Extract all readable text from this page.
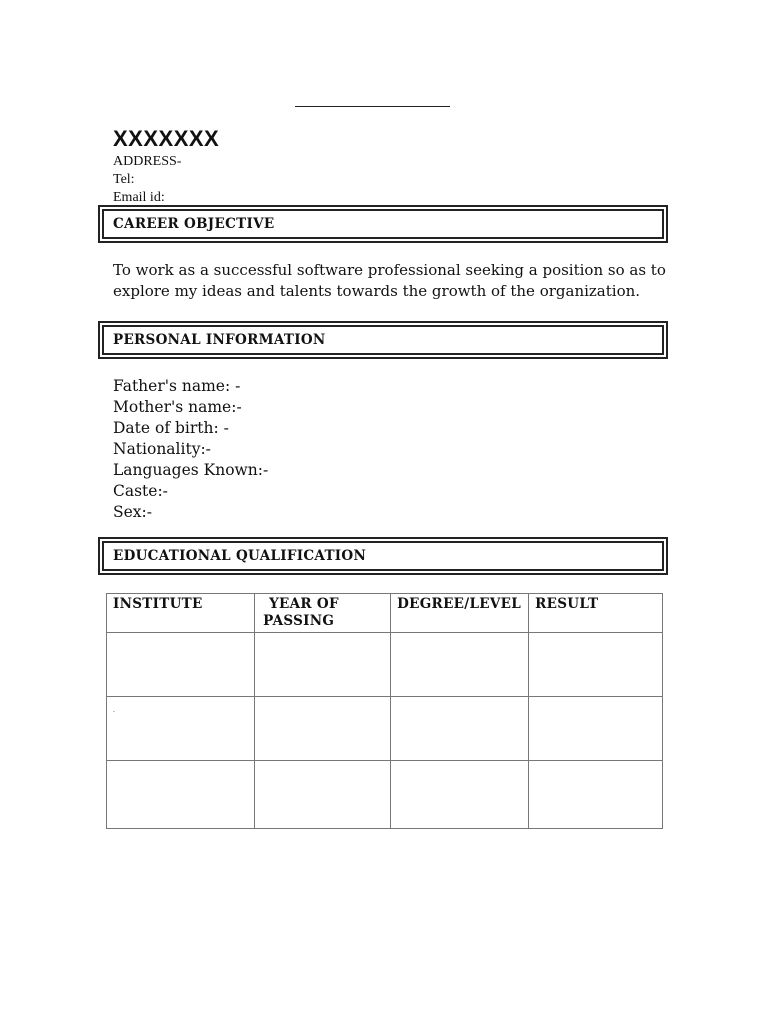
XXXXXXX
ADDRESS-
Tel:
Email id:
CAREER OBJECTIVE
To work as a successful software professional seeking a position so as to explore my ideas and talents towards the growth of the organization.
PERSONAL INFORMATION
Father's name: -
Mother's name:-
Date of birth: -
Nationality:-
Languages Known:-
Caste:-
Sex:-
EDUCATIONAL QUALIFICATION
INSTITUTE	YEAR OF PASSING	DEGREE/LEVEL	RESULT

.			
